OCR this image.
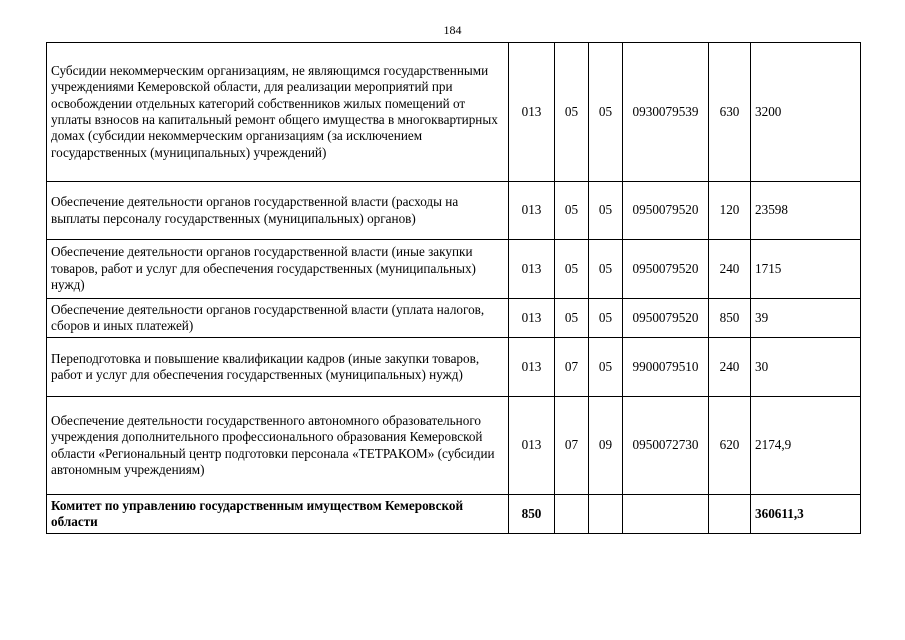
184
Субсидии некоммерческим организациям, не являющимся государственными учреждениями Кемеровской области, для реализации мероприятий при освобождении отдельных категорий собственников жилых помещений от уплаты взносов на капитальный ремонт общего имущества в многоквартирных домах (субсидии некоммерческим организациям (за исключением государственных (муниципальных) учреждений)	013	05	05	0930079539	630	3200
Обеспечение деятельности органов государственной власти (расходы на выплаты персоналу государственных (муниципальных) органов)	013	05	05	0950079520	120	23598
Обеспечение деятельности органов государственной власти (иные закупки товаров, работ и услуг для обеспечения государственных (муниципальных) нужд)	013	05	05	0950079520	240	1715
Обеспечение деятельности органов государственной власти (уплата налогов, сборов и иных платежей)	013	05	05	0950079520	850	39
Переподготовка и повышение квалификации кадров (иные закупки товаров, работ и услуг для обеспечения государственных (муниципальных) нужд)	013	07	05	9900079510	240	30
Обеспечение деятельности государственного автономного образовательного учреждения дополнительного профессионального образования Кемеровской области «Региональный центр подготовки персонала «ТЕТРАКОМ» (субсидии автономным учреждениям)	013	07	09	0950072730	620	2174,9
Комитет по управлению государственным имуществом Кемеровской области	850					360611,3
